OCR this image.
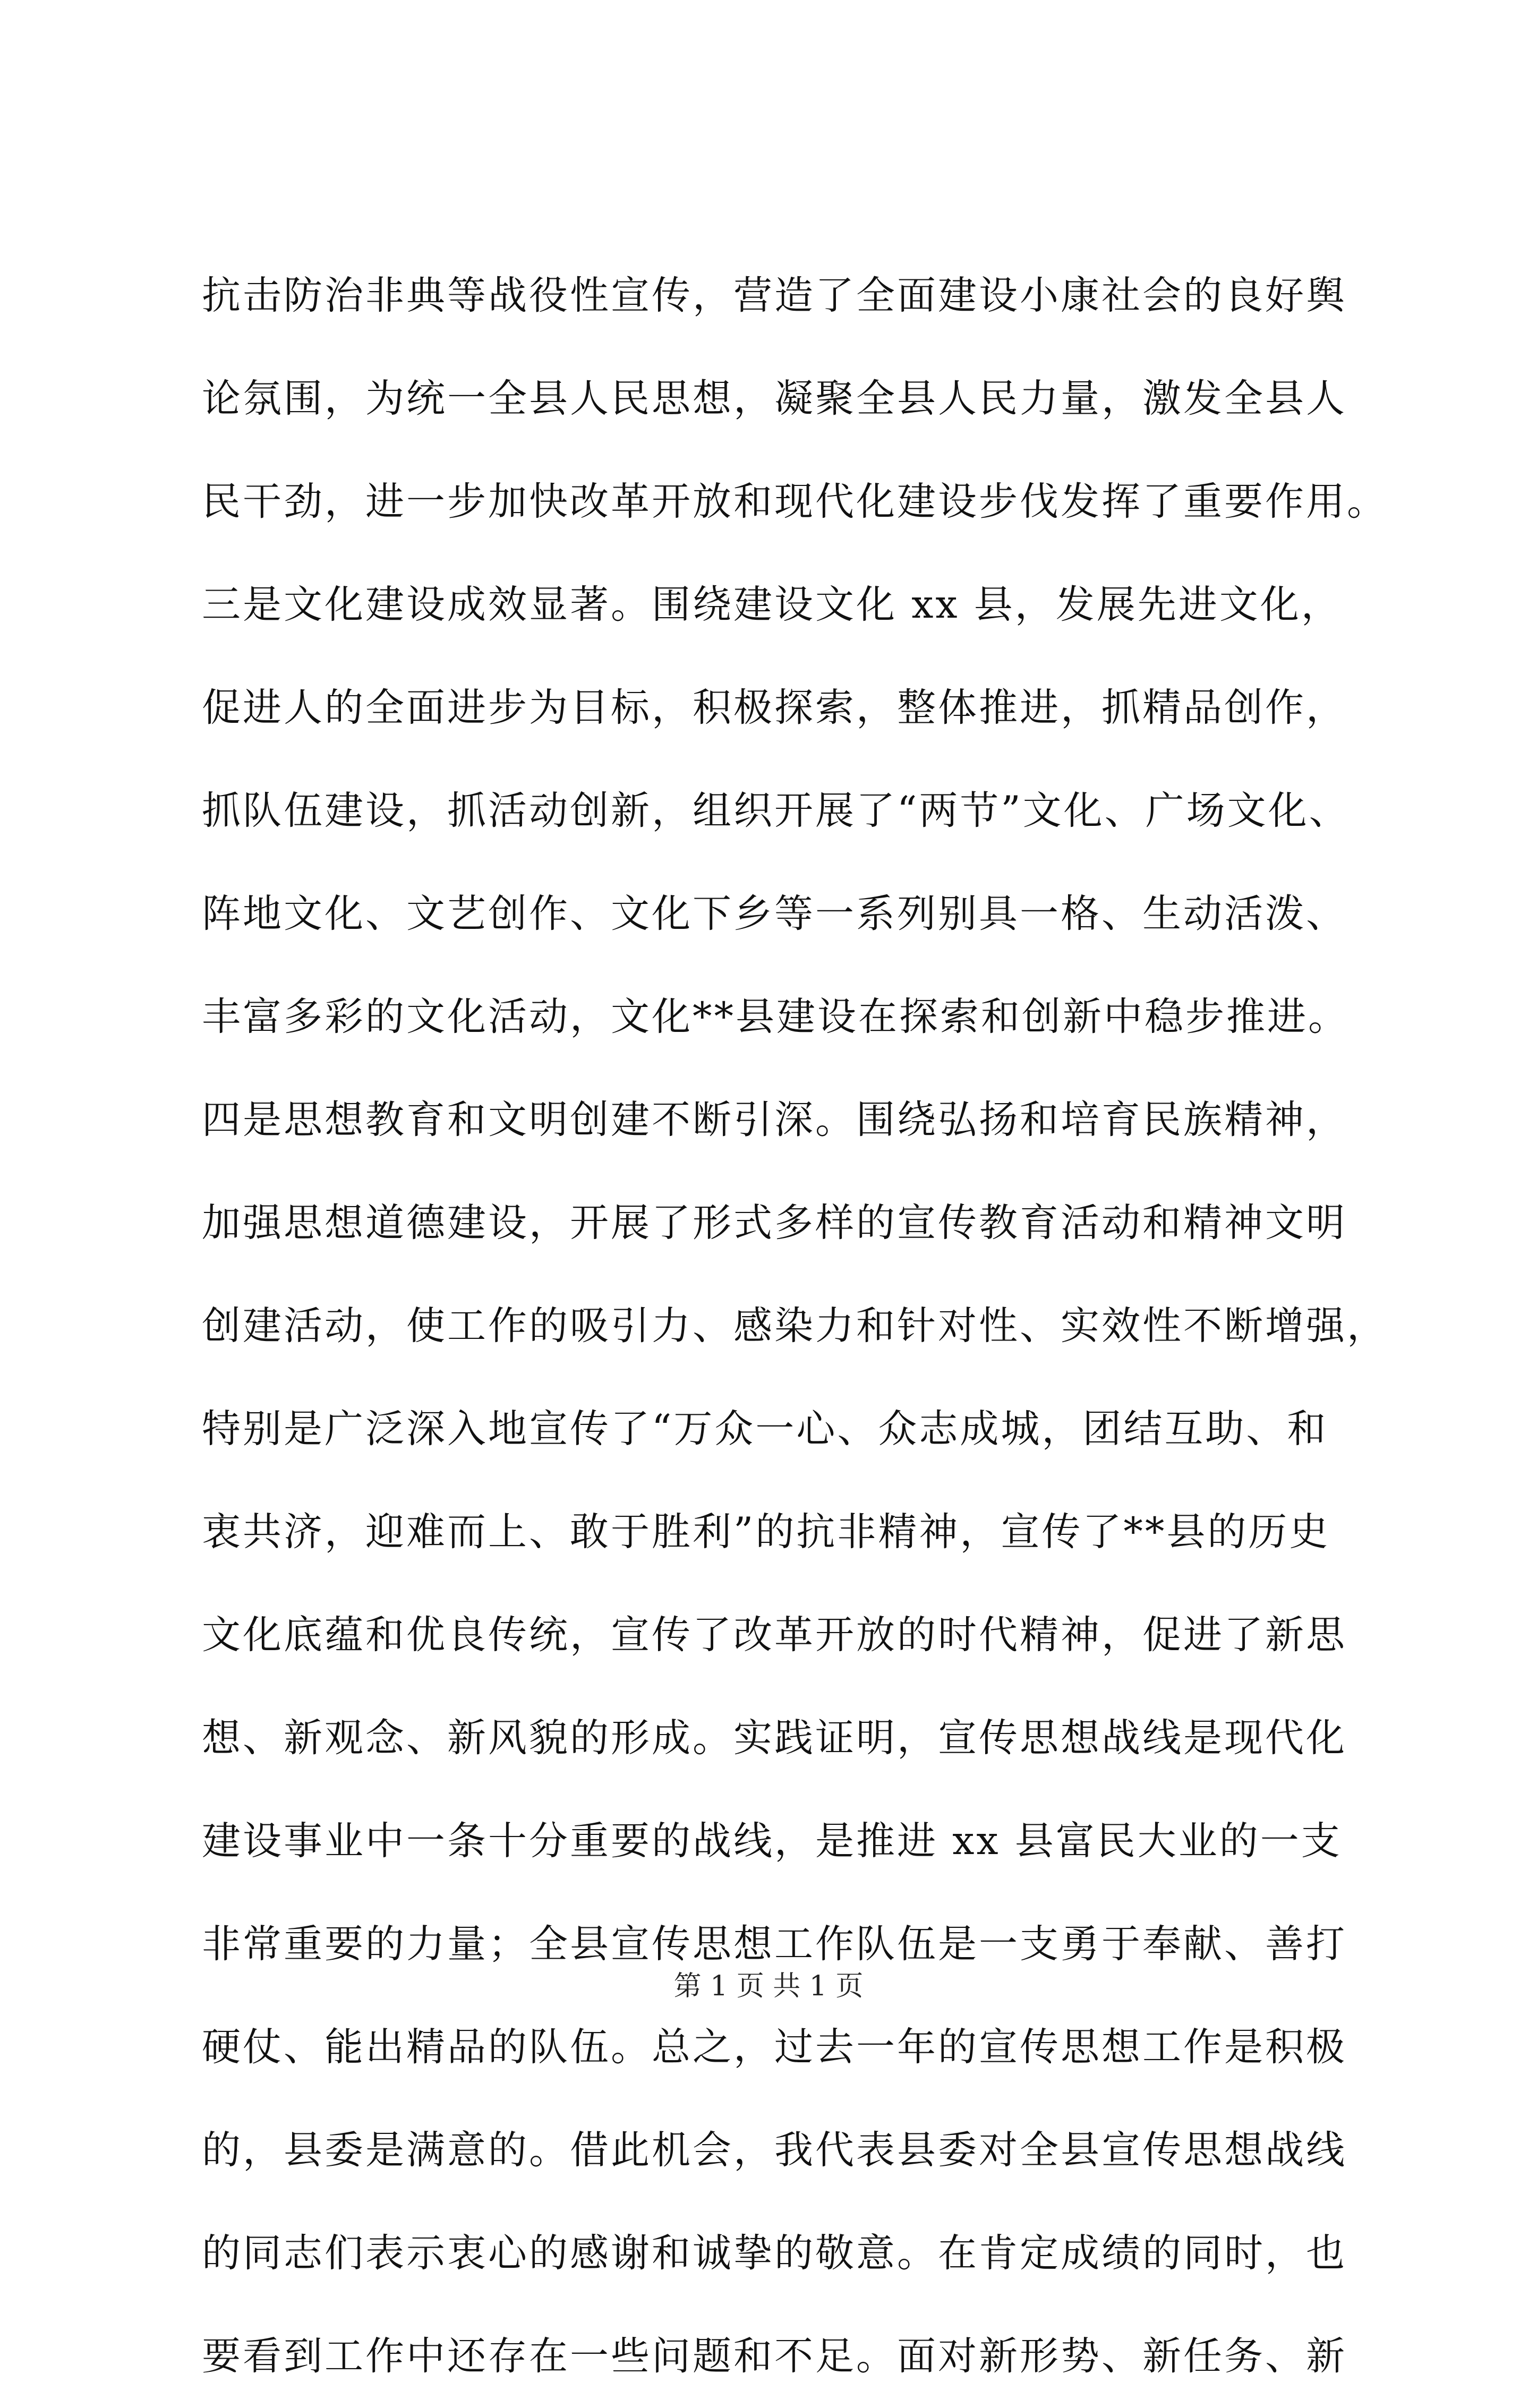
抗击防治非典等战役性宣传，营造了全面建设小康社会的良好舆
论氛围，为统一全县人民思想，凝聚全县人民力量，激发全县人
民干劲，进一步加快改革开放和现代化建设步伐发挥了重要作用。
三是文化建设成效显著。围绕建设文化 xx 县，发展先进文化，
促进人的全面进步为目标，积极探索，整体推进，抓精品创作，
抓队伍建设，抓活动创新，组织开展了“两节”文化、广场文化、
阵地文化、文艺创作、文化下乡等一系列别具一格、生动活泼、
丰富多彩的文化活动，文化**县建设在探索和创新中稳步推进。
四是思想教育和文明创建不断引深。围绕弘扬和培育民族精神，
加强思想道德建设，开展了形式多样的宣传教育活动和精神文明
创建活动，使工作的吸引力、感染力和针对性、实效性不断增强，
特别是广泛深入地宣传了“万众一心、众志成城，团结互助、和
衷共济，迎难而上、敢于胜利”的抗非精神，宣传了**县的历史
文化底蕴和优良传统，宣传了改革开放的时代精神，促进了新思
想、新观念、新风貌的形成。实践证明，宣传思想战线是现代化
建设事业中一条十分重要的战线，是推进 xx 县富民大业的一支
非常重要的力量；全县宣传思想工作队伍是一支勇于奉献、善打
硬仗、能出精品的队伍。总之，过去一年的宣传思想工作是积极
的，县委是满意的。借此机会，我代表县委对全县宣传思想战线
的同志们表示衷心的感谢和诚挚的敬意。在肯定成绩的同时，也
要看到工作中还存在一些问题和不足。面对新形势、新任务、新
第 1 页 共 1 页
